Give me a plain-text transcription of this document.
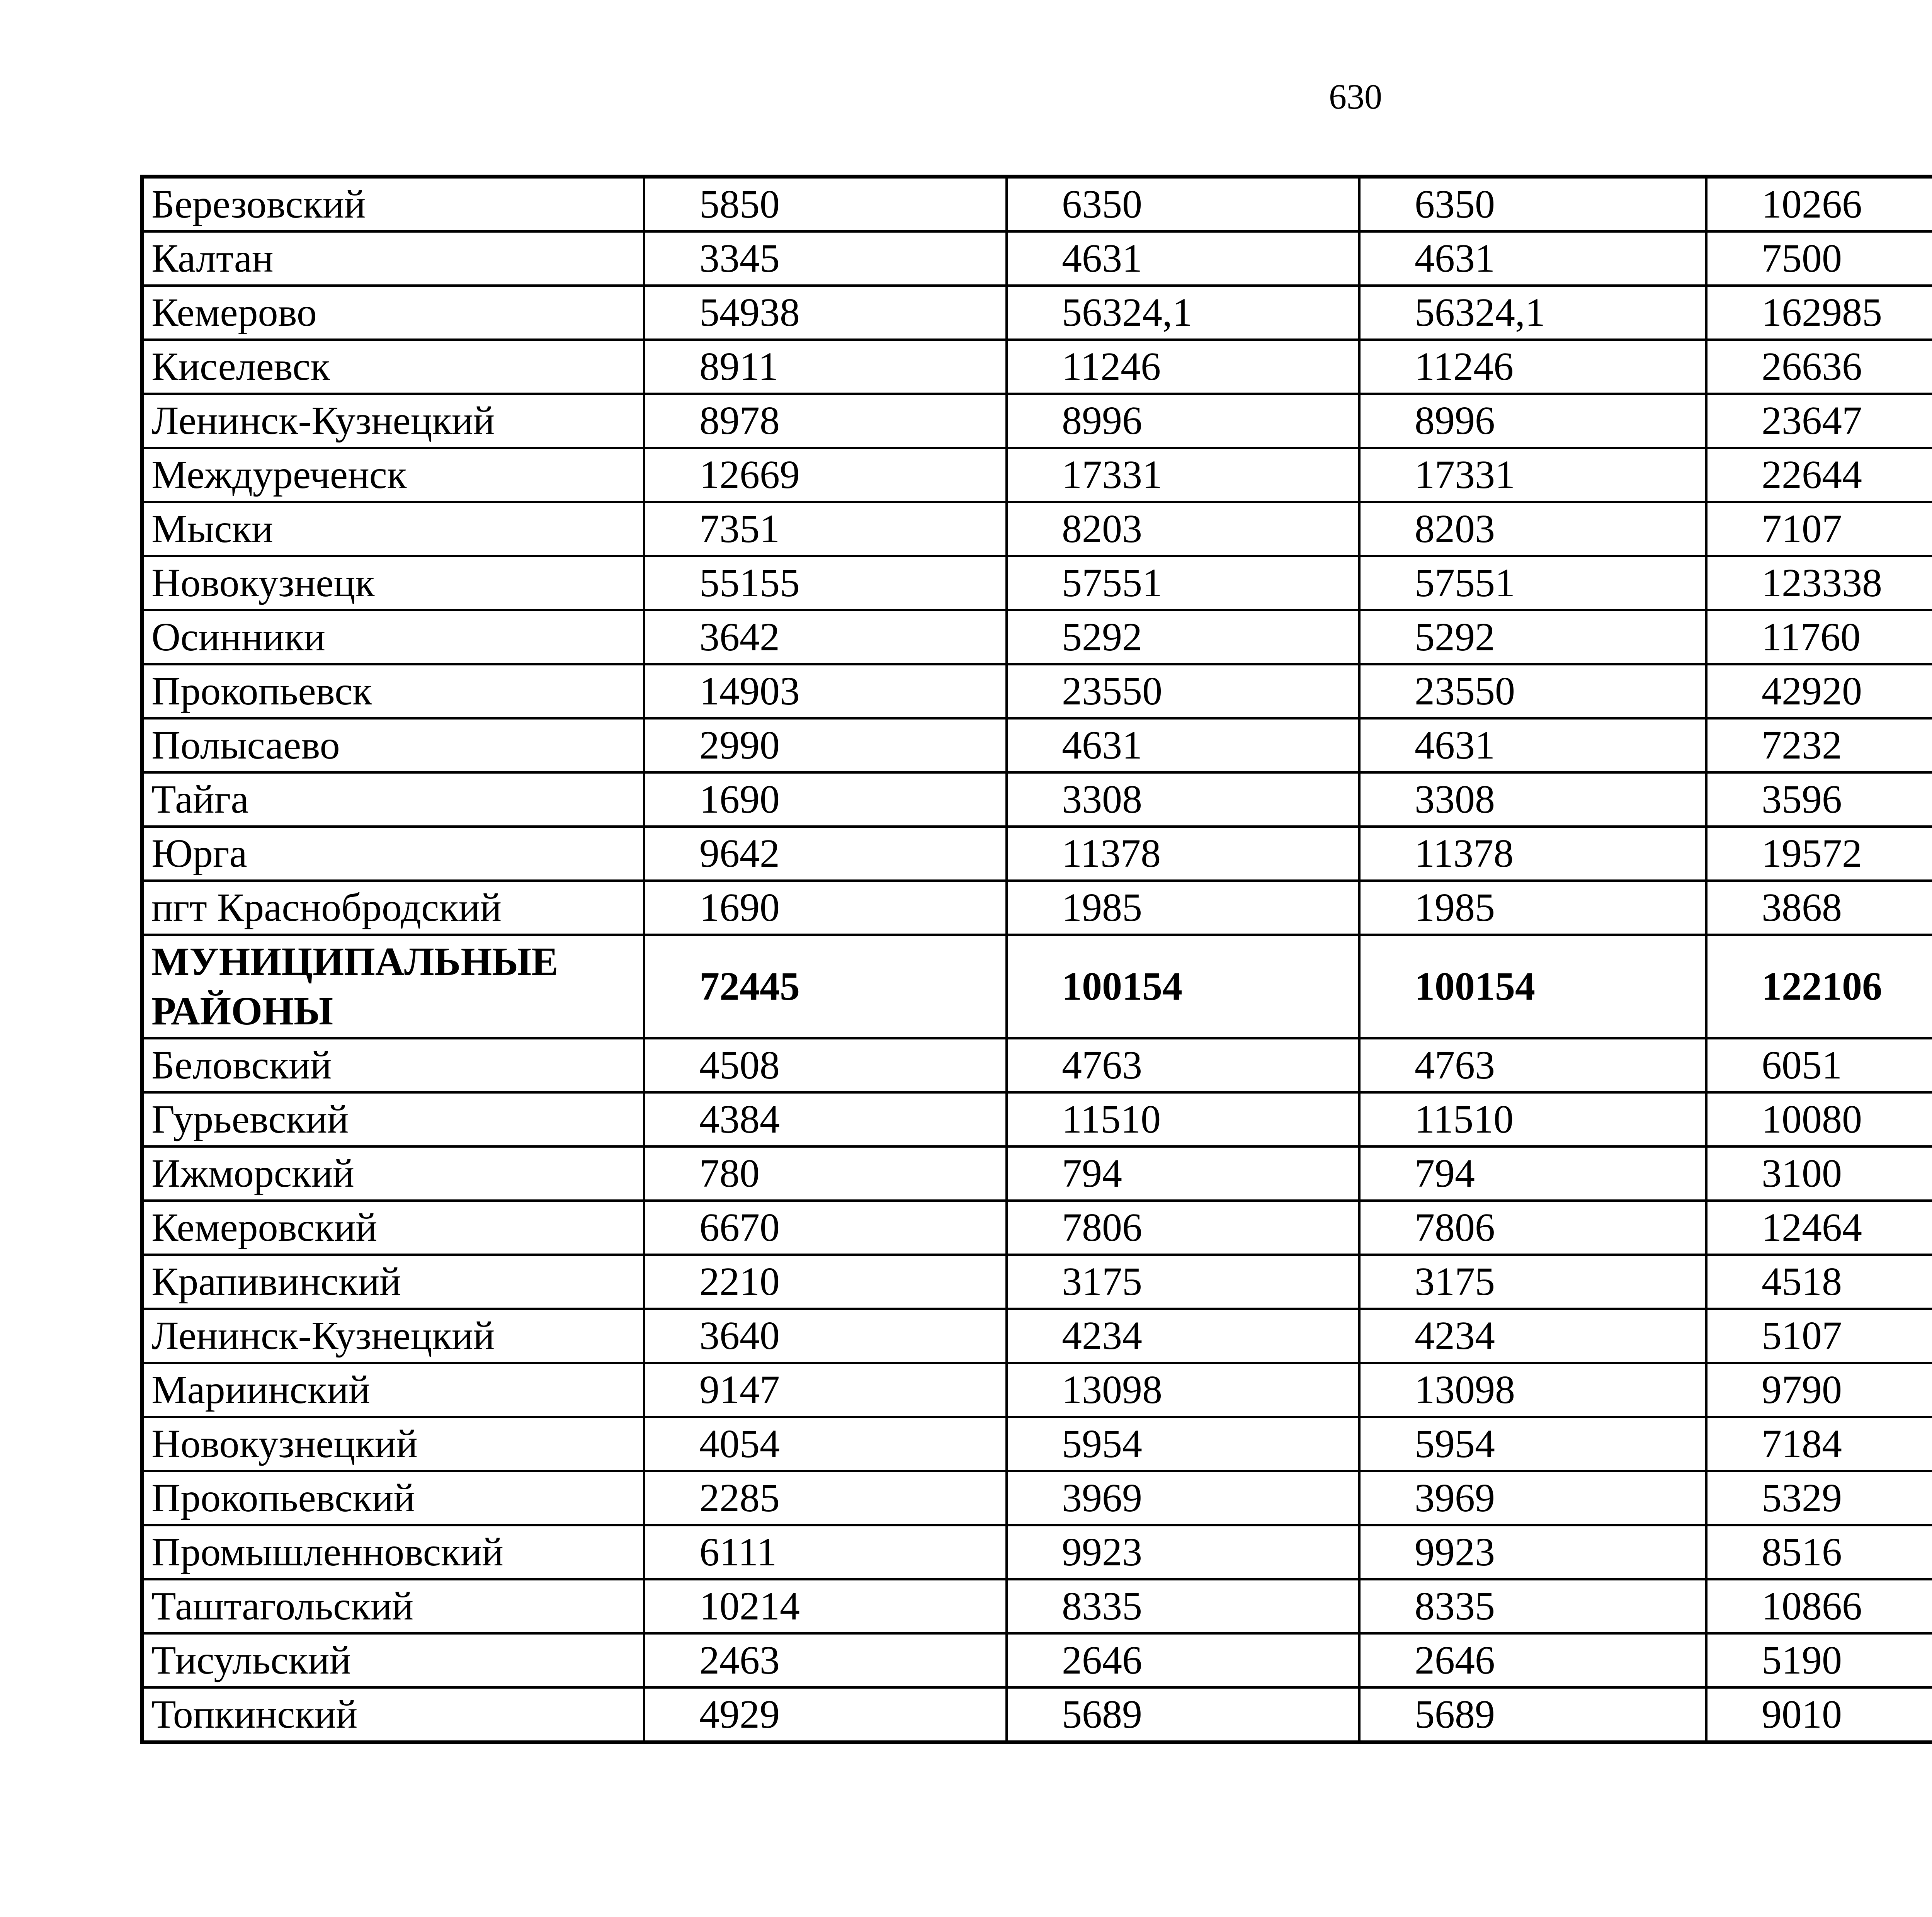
630
Березовский	5850	6350	6350	10266		
Калтан	3345	4631	4631	7500		
Кемерово	54938	56324,1	56324,1	162985		
Киселевск	8911	11246	11246	26636		
Ленинск-Кузнецкий	8978	8996	8996	23647		
Междуреченск	12669	17331	17331	22644		
Мыски	7351	8203	8203	7107		
Новокузнецк	55155	57551	57551	123338		
Осинники	3642	5292	5292	11760		
Прокопьевск	14903	23550	23550	42920		
Полысаево	2990	4631	4631	7232		
Тайга	1690	3308	3308	3596		
Юрга	9642	11378	11378	19572		
пгт Краснобродский	1690	1985	1985	3868		
МУНИЦИПАЛЬНЫЕ РАЙОНЫ	72445	100154	100154	122106		
Беловский	4508	4763	4763	6051		
Гурьевский	4384	11510	11510	10080		
Ижморский	780	794	794	3100		
Кемеровский	6670	7806	7806	12464		
Крапивинский	2210	3175	3175	4518		
Ленинск-Кузнецкий	3640	4234	4234	5107		
Мариинский	9147	13098	13098	9790		
Новокузнецкий	4054	5954	5954	7184		
Прокопьевский	2285	3969	3969	5329		
Промышленновский	6111	9923	9923	8516		
Таштагольский	10214	8335	8335	10866		
Тисульский	2463	2646	2646	5190		
Топкинский	4929	5689	5689	9010		
